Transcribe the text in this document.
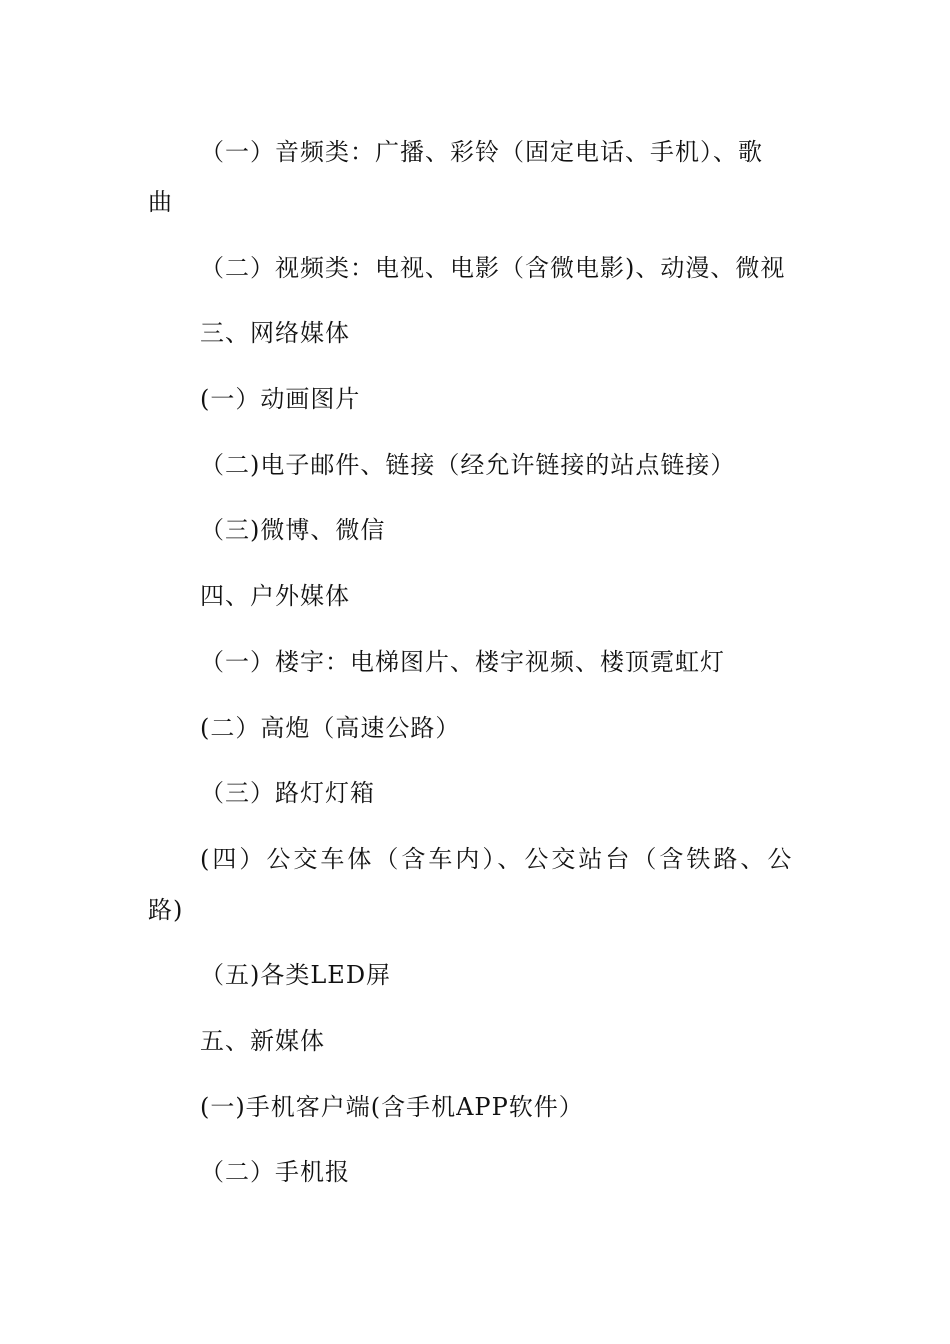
（一）音频类：广播、彩铃（固定电话、手机）、歌
曲
（二）视频类：电视、电影（含微电影)、动漫、微视
三、网络媒体
(一）动画图片
（二)电子邮件、链接（经允许链接的站点链接）
（三)微博、微信
四、户外媒体
（一）楼宇：电梯图片、楼宇视频、楼顶霓虹灯
(二）高炮（高速公路）
（三）路灯灯箱
(四）公交车体（含车内）、公交站台（含铁路、公
路)
（五)各类LED屏
五、新媒体
(一)手机客户端(含手机APP软件）
（二）手机报
